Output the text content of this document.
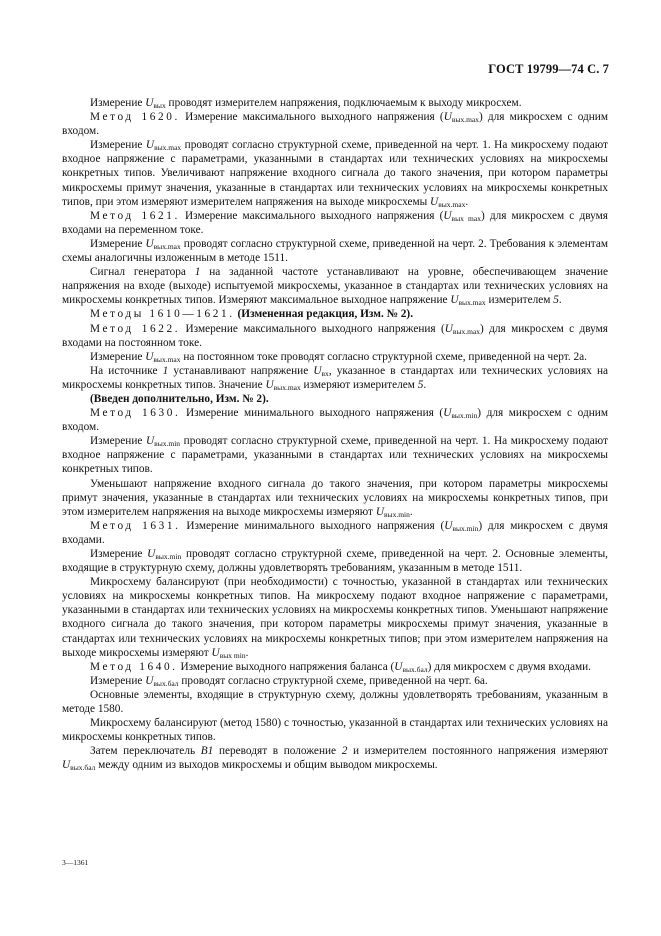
ГОСТ 19799—74 С. 7

Измерение $U_{вых}$ проводят измерителем напряжения, подключаемым к выходу микросхем.

Метод 1620. Измерение максимального выходного напряжения $(U_{вых.max})$ для микросхем с одним входом.

Измерение $U_{вых.max}$ проводят согласно структурной схеме, приведенной на черт. 1. На микросхему подают входное напряжение с параметрами, указанными в стандартах или технических условиях на микросхемы конкретных типов. Увеличивают напряжение входного сигнала до такого значения, при котором параметры микросхемы примут значения, указанные в стандартах или технических условиях на микросхемы конкретных типов, при этом измеряют измерителем напряжения на выходе микросхемы $U_{вых.max}$.

Метод 1621. Измерение максимального выходного напряжения $(U_{вых max})$ для микросхем с двумя входами на переменном токе.

Измерение $U_{вых.max}$ проводят согласно структурной схеме, приведенной на черт. 2. Требования к элементам схемы аналогичны изложенным в методе 1511.

Сигнал генератора 1 на заданной частоте устанавливают на уровне, обеспечивающем значение напряжения на входе (выходе) испытуемой микросхемы, указанное в стандартах или технических условиях на микросхемы конкретных типов. Измеряют максимальное выходное напряжение $U_{вых.max}$ измерителем 5.

Методы 1610—1621. (Измененная редакция, Изм. № 2).

Метод 1622. Измерение максимального выходного напряжения $(U_{вых.max})$ для микросхем с двумя входами на постоянном токе.

Измерение $U_{вых.max}$ на постоянном токе проводят согласно структурной схеме, приведенной на черт. 2а.

На источнике 1 устанавливают напряжение $U_{вх}$, указанное в стандартах или технических условиях на микросхемы конкретных типов. Значение $U_{вых.max}$ измеряют измерителем 5.

(Введен дополнительно, Изм. № 2).

Метод 1630. Измерение минимального выходного напряжения $(U_{вых.min})$ для микросхем с одним входом.

Измерение $U_{вых.min}$ проводят согласно структурной схеме, приведенной на черт. 1. На микросхему подают входное напряжение с параметрами, указанными в стандартах или технических условиях на микросхемы конкретных типов.

Уменьшают напряжение входного сигнала до такого значения, при котором параметры микросхемы примут значения, указанные в стандартах или технических условиях на микросхемы конкретных типов, при этом измерителем напряжения на выходе микросхемы измеряют $U_{вых.min}$.

Метод 1631. Измерение минимального выходного напряжения $(U_{вых.min})$ для микросхем с двумя входами.

Измерение $U_{вых.min}$ проводят согласно структурной схеме, приведенной на черт. 2. Основные элементы, входящие в структурную схему, должны удовлетворять требованиям, указанным в методе 1511.

Микросхему балансируют (при необходимости) с точностью, указанной в стандартах или технических условиях на микросхемы конкретных типов. На микросхему подают входное напряжение с параметрами, указанными в стандартах или технических условиях на микросхемы конкретных типов. Уменьшают напряжение входного сигнала до такого значения, при котором параметры микросхемы примут значения, указанные в стандартах или технических условиях на микросхемы конкретных типов; при этом измерителем напряжения на выходе микросхемы измеряют $U_{вых min}$.

Метод 1640. Измерение выходного напряжения баланса $(U_{вых.бал})$ для микросхем с двумя входами.

Измерение $U_{вых.бал}$ проводят согласно структурной схеме, приведенной на черт. 6а.

Основные элементы, входящие в структурную схему, должны удовлетворять требованиям, указанным в методе 1580.

Микросхему балансируют (метод 1580) с точностью, указанной в стандартах или технических условиях на микросхемы конкретных типов.

Затем переключатель B1 переводят в положение 2 и измерителем постоянного напряжения измеряют $U_{вых.бал}$ между одним из выходов микросхемы и общим выводом микросхемы.

3—1361
